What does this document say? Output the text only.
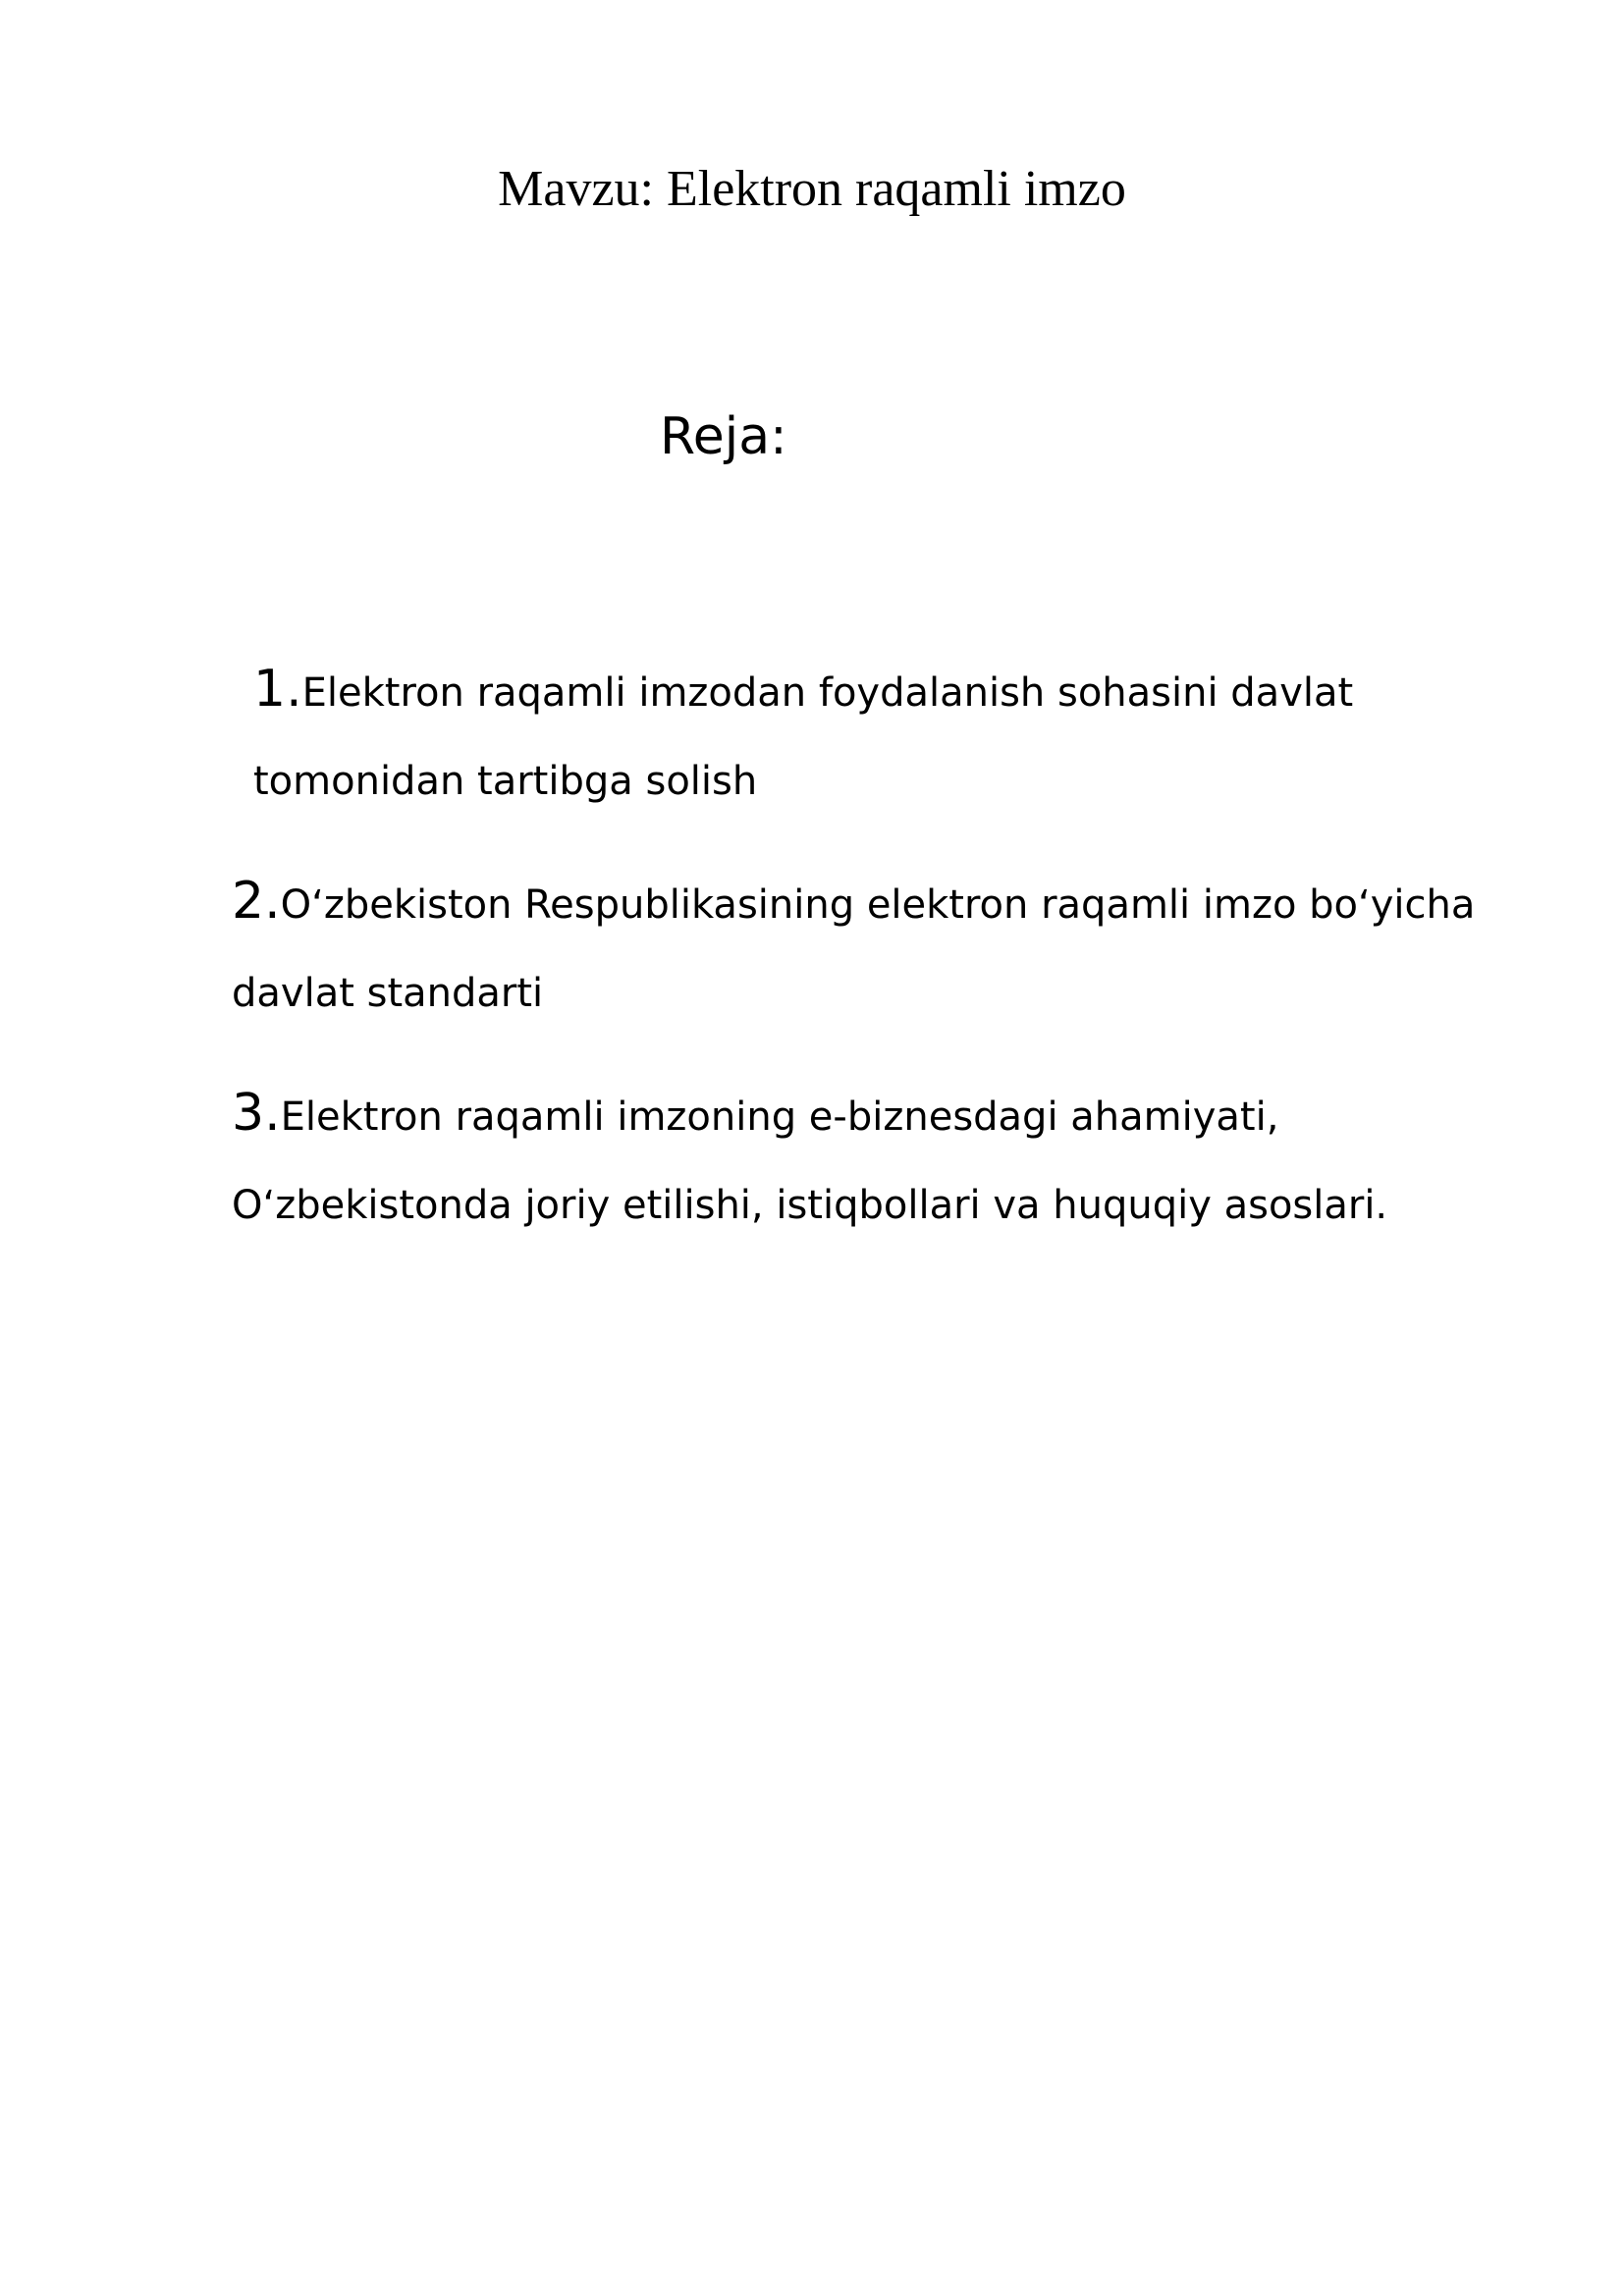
Mavzu: Elektron raqamli imzo
Reja:
1.Elektron raqamli imzodan foydalanish sohasini davlat
tomonidan tartibga solish
2.O‘zbekiston Respublikasining elektron raqamli imzo bo‘yicha
davlat standarti
3.Elektron raqamli imzoning e-biznesdagi ahamiyati,
O‘zbekistonda joriy etilishi, istiqbollari va huquqiy asoslari.
